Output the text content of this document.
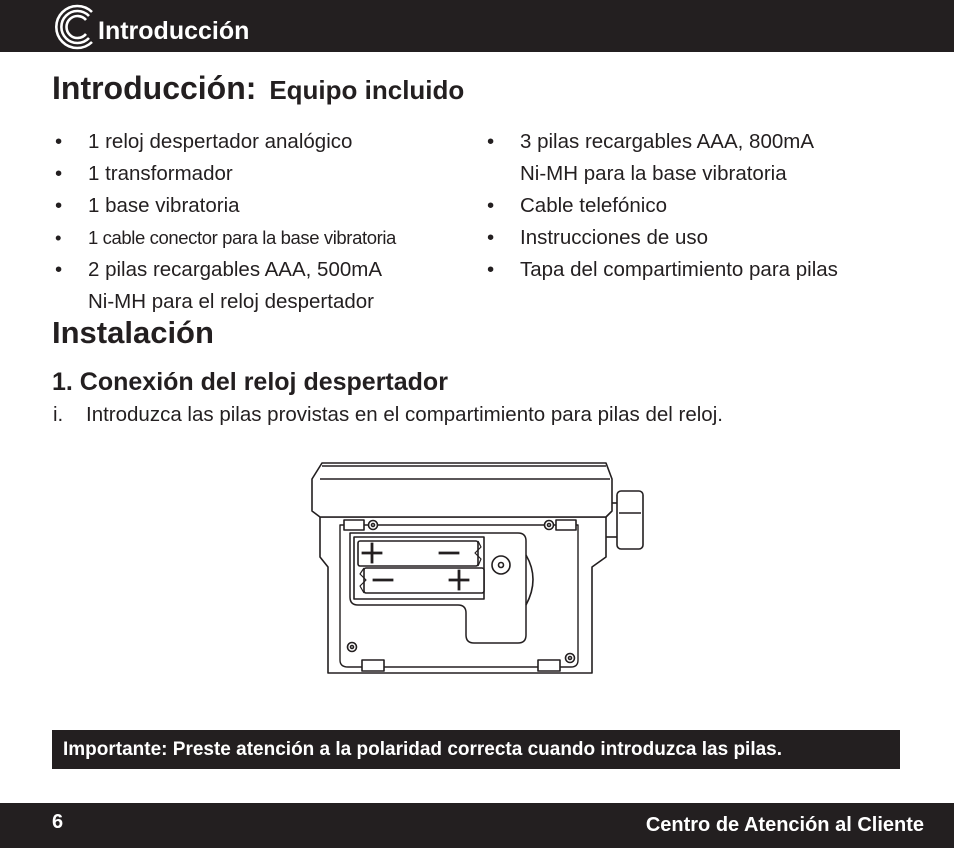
Introducción
Introducción: Equipo incluido
• 1 reloj despertador analógico
• 1 transformador
• 1 base vibratoria
• 1 cable conector para la base vibratoria
• 2 pilas recargables AAA, 500mA
Ni-MH para el reloj despertador
• 3 pilas recargables AAA, 800mA
Ni-MH para la base vibratoria
• Cable telefónico
• Instrucciones de uso
• Tapa del compartimiento para pilas
Instalación
1. Conexión del reloj despertador
i. Introduzca las pilas provistas en el compartimiento para pilas del reloj.
Importante: Preste atención a la polaridad correcta cuando introduzca las pilas.
6	Centro de Atención al Cliente
